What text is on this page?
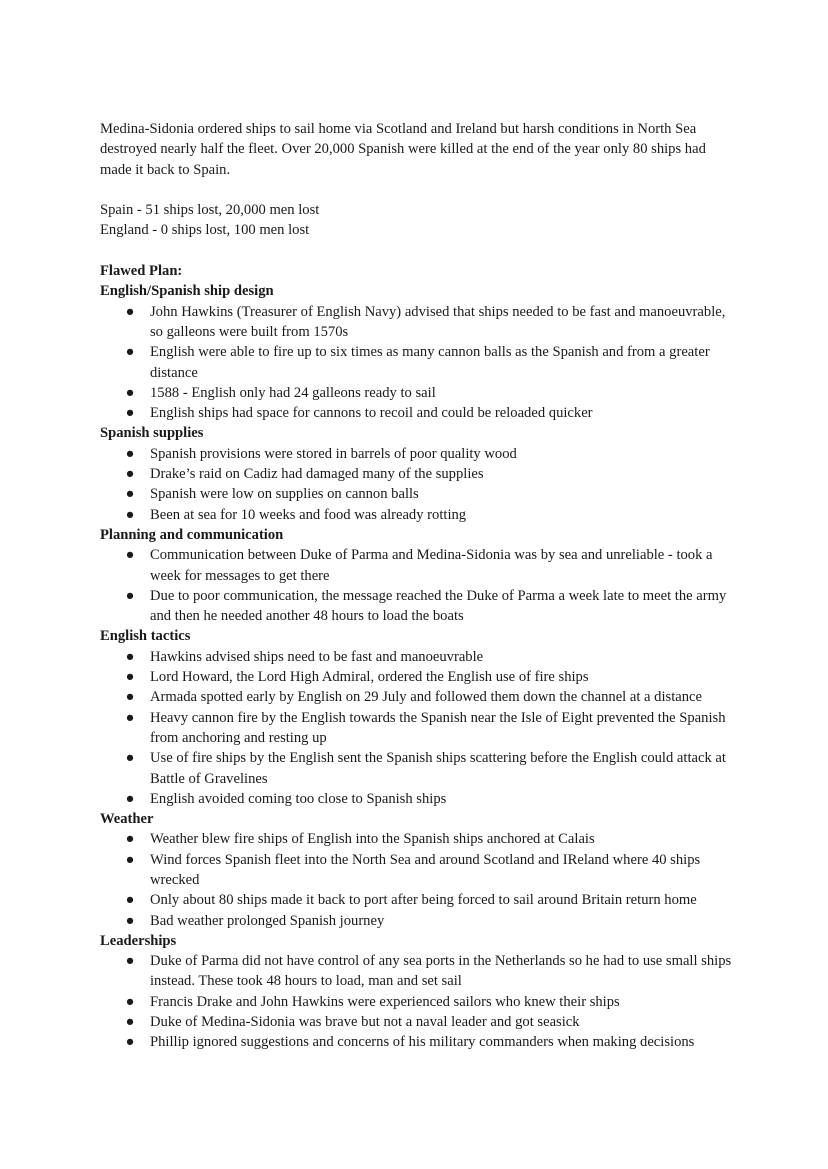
Medina-Sidonia ordered ships to sail home via Scotland and Ireland but harsh conditions in North Sea destroyed nearly half the fleet. Over 20,000 Spanish were killed at the end of the year only 80 ships had made it back to Spain.

Spain - 51 ships lost, 20,000 men lost

England - 0 ships lost, 100 men lost

Flawed Plan:

English/Spanish ship design

● John Hawkins (Treasurer of English Navy) advised that ships needed to be fast and manoeuvrable, so galleons were built from 1570s
● English were able to fire up to six times as many cannon balls as the Spanish and from a greater distance
● 1588 - English only had 24 galleons ready to sail
● English ships had space for cannons to recoil and could be reloaded quicker

Spanish supplies

● Spanish provisions were stored in barrels of poor quality wood
● Drake’s raid on Cadiz had damaged many of the supplies
● Spanish were low on supplies on cannon balls
● Been at sea for 10 weeks and food was already rotting

Planning and communication

● Communication between Duke of Parma and Medina-Sidonia was by sea and unreliable - took a week for messages to get there
● Due to poor communication, the message reached the Duke of Parma a week late to meet the army and then he needed another 48 hours to load the boats

English tactics

● Hawkins advised ships need to be fast and manoeuvrable
● Lord Howard, the Lord High Admiral, ordered the English use of fire ships
● Armada spotted early by English on 29 July and followed them down the channel at a distance
● Heavy cannon fire by the English towards the Spanish near the Isle of Eight prevented the Spanish from anchoring and resting up
● Use of fire ships by the English sent the Spanish ships scattering before the English could attack at Battle of Gravelines
● English avoided coming too close to Spanish ships

Weather

● Weather blew fire ships of English into the Spanish ships anchored at Calais
● Wind forces Spanish fleet into the North Sea and around Scotland and IReland where 40 ships wrecked
● Only about 80 ships made it back to port after being forced to sail around Britain return home
● Bad weather prolonged Spanish journey

Leaderships

● Duke of Parma did not have control of any sea ports in the Netherlands so he had to use small ships instead. These took 48 hours to load, man and set sail
● Francis Drake and John Hawkins were experienced sailors who knew their ships
● Duke of Medina-Sidonia was brave but not a naval leader and got seasick
● Phillip ignored suggestions and concerns of his military commanders when making decisions
